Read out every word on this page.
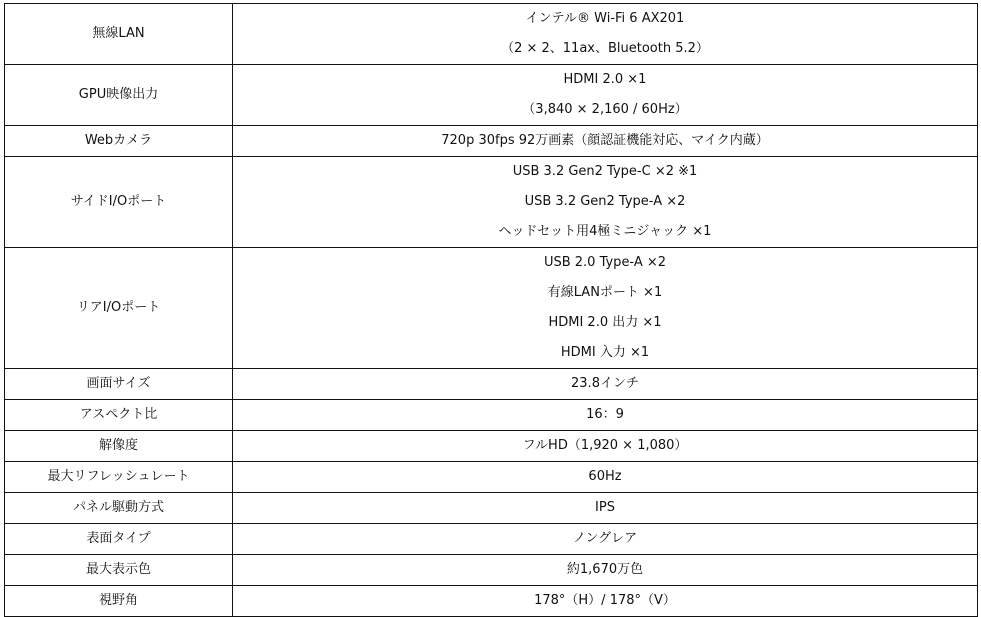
無線LAN	インテル® Wi-Fi 6 AX201
（2 × 2、11ax、Bluetooth 5.2）

GPU映像出力	HDMI 2.0 ×1
（3,840 × 2,160 / 60Hz）

Webカメラ	720p 30fps 92万画素（顔認証機能対応、マイク内蔵）

サイドI/Oポート	USB 3.2 Gen2 Type-C ×2 ※1
USB 3.2 Gen2 Type-A ×2
ヘッドセット用4極ミニジャック ×1

リアI/Oポート	USB 2.0 Type-A ×2
有線LANポート ×1
HDMI 2.0 出力 ×1
HDMI 入力 ×1

画面サイズ	23.8インチ

アスペクト比	16：9

解像度	フルHD（1,920 × 1,080）

最大リフレッシュレート	60Hz

パネル駆動方式	IPS

表面タイプ	ノングレア

最大表示色	約1,670万色

視野角	178°（H）/ 178°（V）
